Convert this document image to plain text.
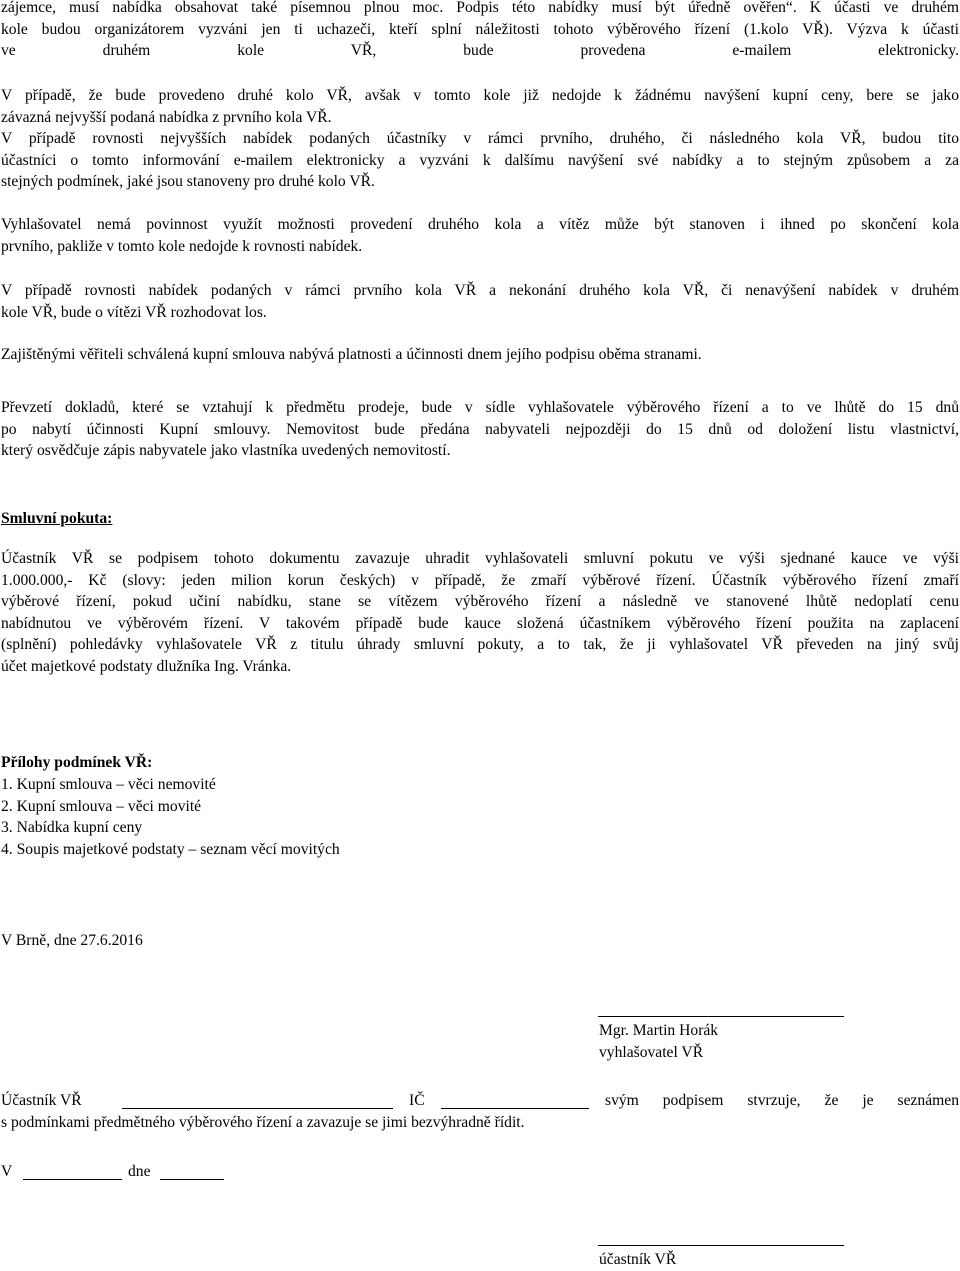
zájemce, musí nabídka obsahovat také písemnou plnou moc. Podpis této nabídky musí být úředně ověřen“. K účasti ve druhém
kole budou organizátorem vyzváni jen ti uchazeči, kteří splní náležitosti tohoto výběrového řízení (1.kolo VŘ). Výzva k účasti
ve druhém kole VŘ, bude provedena e-mailem elektronicky.
V případě, že bude provedeno druhé kolo VŘ, avšak v tomto kole již nedojde k žádnému navýšení kupní ceny, bere se jako
závazná nejvyšší podaná nabídka z prvního kola VŘ.
V případě rovnosti nejvyšších nabídek podaných účastníky v rámci prvního, druhého, či následného kola VŘ, budou tito
účastníci o tomto informování e-mailem elektronicky a vyzváni k dalšímu navýšení své nabídky a to stejným způsobem a za
stejných podmínek, jaké jsou stanoveny pro druhé kolo VŘ.
Vyhlašovatel nemá povinnost využít možnosti provedení druhého kola a vítěz může být stanoven i ihned po skončení kola
prvního, pakliže v tomto kole nedojde k rovnosti nabídek.
V případě rovnosti nabídek podaných v rámci prvního kola VŘ a nekonání druhého kola VŘ, či nenavýšení nabídek v druhém
kole VŘ, bude o vítězi VŘ rozhodovat los.
Zajištěnými věřiteli schválená kupní smlouva nabývá platnosti a účinnosti dnem jejího podpisu oběma stranami.
Převzetí dokladů, které se vztahují k předmětu prodeje, bude v sídle vyhlašovatele výběrového řízení a to ve lhůtě do 15 dnů
po nabytí účinnosti Kupní smlouvy. Nemovitost bude předána nabyvateli nejpozději do 15 dnů od doložení listu vlastnictví,
který osvědčuje zápis nabyvatele jako vlastníka uvedených nemovitostí.
Smluvní pokuta:
Účastník VŘ se podpisem tohoto dokumentu zavazuje uhradit vyhlašovateli smluvní pokutu ve výši sjednané kauce ve výši
1.000.000,- Kč (slovy: jeden milion korun českých) v případě, že zmaří výběrové řízení. Účastník výběrového řízení zmaří
výběrové řízení, pokud učiní nabídku, stane se vítězem výběrového řízení a následně ve stanovené lhůtě nedoplatí cenu
nabídnutou ve výběrovém řízení. V takovém případě bude kauce složená účastníkem výběrového řízení použita na zaplacení
(splnění) pohledávky vyhlašovatele VŘ z titulu úhrady smluvní pokuty, a to tak, že ji vyhlašovatel VŘ převeden na jiný svůj
účet majetkové podstaty dlužníka Ing. Vránka.
Přílohy podmínek VŘ:
1. Kupní smlouva – věci nemovité
2. Kupní smlouva – věci movité
3. Nabídka kupní ceny
4. Soupis majetkové podstaty – seznam věcí movitých
V Brně, dne 27.6.2016
Mgr. Martin Horák
vyhlašovatel VŘ
Účastník VŘ	IČ	svým podpisem stvrzuje, že je seznámen
s podmínkami předmětného výběrového řízení a zavazuje se jimi bezvýhradně řídit.
V	dne
účastník VŘ
